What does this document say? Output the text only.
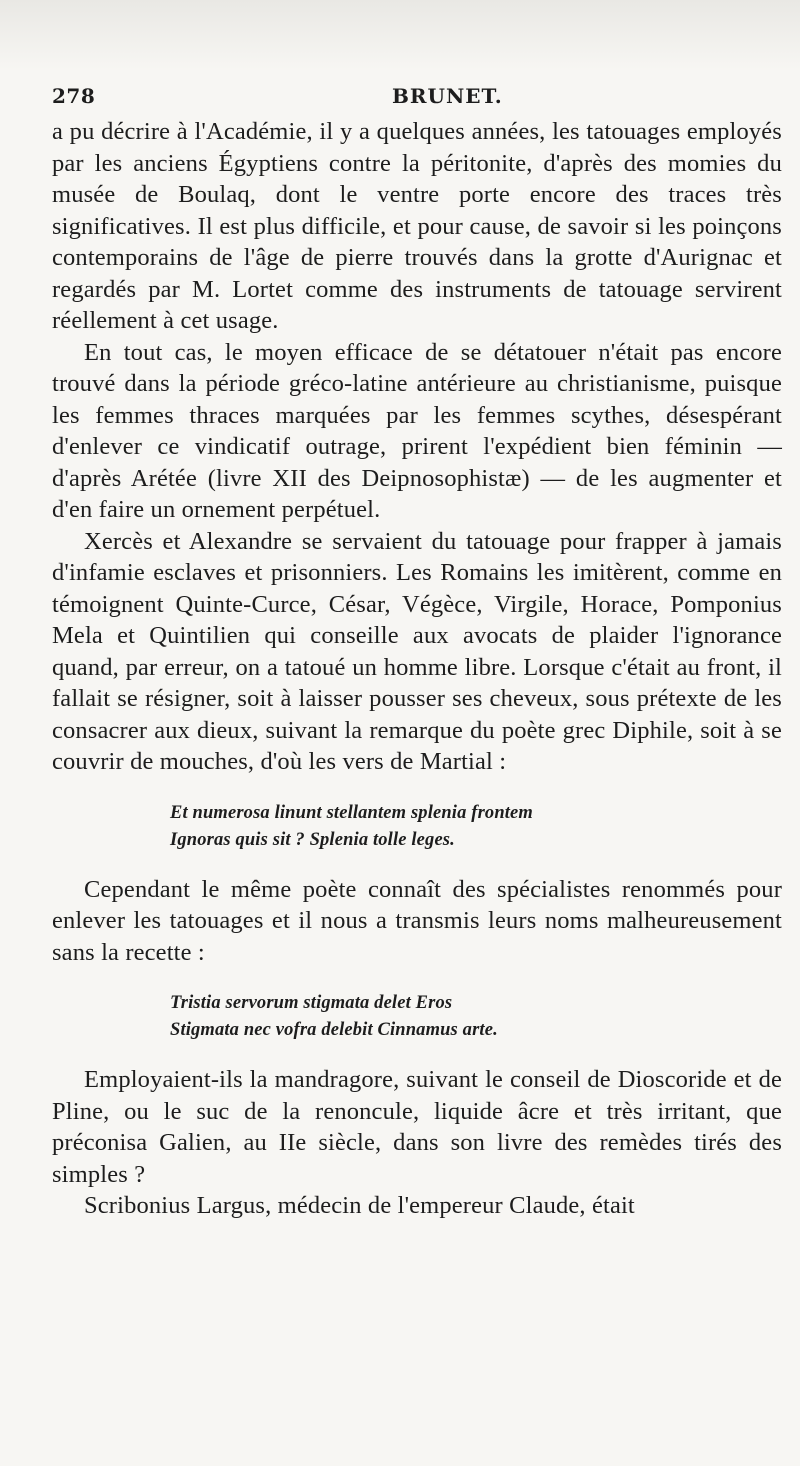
278	BRUNET.

a pu décrire à l'Académie, il y a quelques années, les tatouages employés par les anciens Égyptiens contre la péritonite, d'après des momies du musée de Boulaq, dont le ventre porte encore des traces très significatives. Il est plus difficile, et pour cause, de savoir si les poinçons contemporains de l'âge de pierre trouvés dans la grotte d'Aurignac et regardés par M. Lortet comme des instruments de tatouage servirent réellement à cet usage.

En tout cas, le moyen efficace de se détatouer n'était pas encore trouvé dans la période gréco-latine antérieure au christianisme, puisque les femmes thraces marquées par les femmes scythes, désespérant d'enlever ce vindicatif outrage, prirent l'expédient bien féminin — d'après Arétée (livre XII des Deipnosophistæ) — de les augmenter et d'en faire un ornement perpétuel.

Xercès et Alexandre se servaient du tatouage pour frapper à jamais d'infamie esclaves et prisonniers. Les Romains les imitèrent, comme en témoignent Quinte-Curce, César, Végèce, Virgile, Horace, Pomponius Mela et Quintilien qui conseille aux avocats de plaider l'ignorance quand, par erreur, on a tatoué un homme libre. Lorsque c'était au front, il fallait se résigner, soit à laisser pousser ses cheveux, sous prétexte de les consacrer aux dieux, suivant la remarque du poète grec Diphile, soit à se couvrir de mouches, d'où les vers de Martial :

Et numerosa linunt stellantem splenia frontem
Ignoras quis sit ? Splenia tolle leges.

Cependant le même poète connaît des spécialistes renommés pour enlever les tatouages et il nous a transmis leurs noms malheureusement sans la recette :

Tristia servorum stigmata delet Eros
Stigmata nec vofra delebit Cinnamus arte.

Employaient-ils la mandragore, suivant le conseil de Dioscoride et de Pline, ou le suc de la renoncule, liquide âcre et très irritant, que préconisa Galien, au IIe siècle, dans son livre des remèdes tirés des simples ?

Scribonius Largus, médecin de l'empereur Claude, était
